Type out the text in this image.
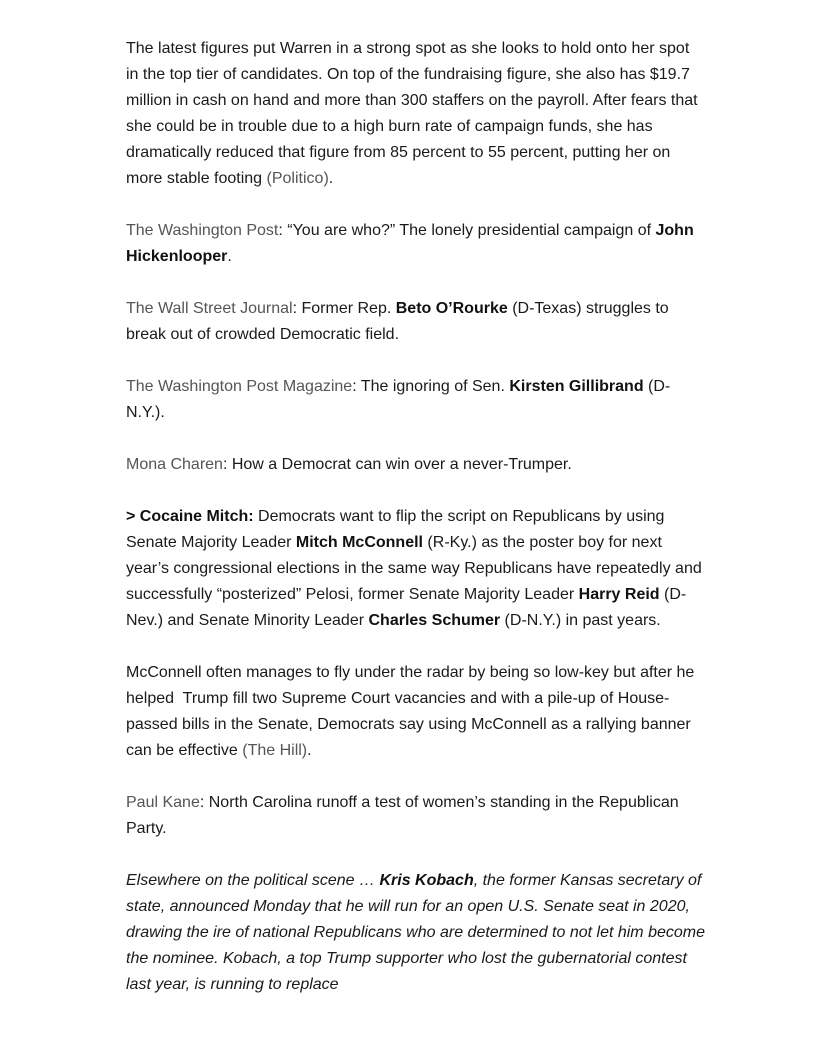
The latest figures put Warren in a strong spot as she looks to hold onto her spot in the top tier of candidates. On top of the fundraising figure, she also has $19.7 million in cash on hand and more than 300 staffers on the payroll. After fears that she could be in trouble due to a high burn rate of campaign funds, she has dramatically reduced that figure from 85 percent to 55 percent, putting her on more stable footing (Politico).

The Washington Post: “You are who?” The lonely presidential campaign of John Hickenlooper.

The Wall Street Journal: Former Rep. Beto O’Rourke (D-Texas) struggles to break out of crowded Democratic field.

The Washington Post Magazine: The ignoring of Sen. Kirsten Gillibrand (D-N.Y.).

Mona Charen: How a Democrat can win over a never-Trumper.

> Cocaine Mitch: Democrats want to flip the script on Republicans by using Senate Majority Leader Mitch McConnell (R-Ky.) as the poster boy for next year’s congressional elections in the same way Republicans have repeatedly and successfully “posterized” Pelosi, former Senate Majority Leader Harry Reid (D-Nev.) and Senate Minority Leader Charles Schumer (D-N.Y.) in past years.

McConnell often manages to fly under the radar by being so low-key but after he helped  Trump fill two Supreme Court vacancies and with a pile-up of House-passed bills in the Senate, Democrats say using McConnell as a rallying banner can be effective (The Hill).

Paul Kane: North Carolina runoff a test of women’s standing in the Republican Party.

Elsewhere on the political scene … Kris Kobach, the former Kansas secretary of state, announced Monday that he will run for an open U.S. Senate seat in 2020, drawing the ire of national Republicans who are determined to not let him become the nominee. Kobach, a top Trump supporter who lost the gubernatorial contest last year, is running to replace
